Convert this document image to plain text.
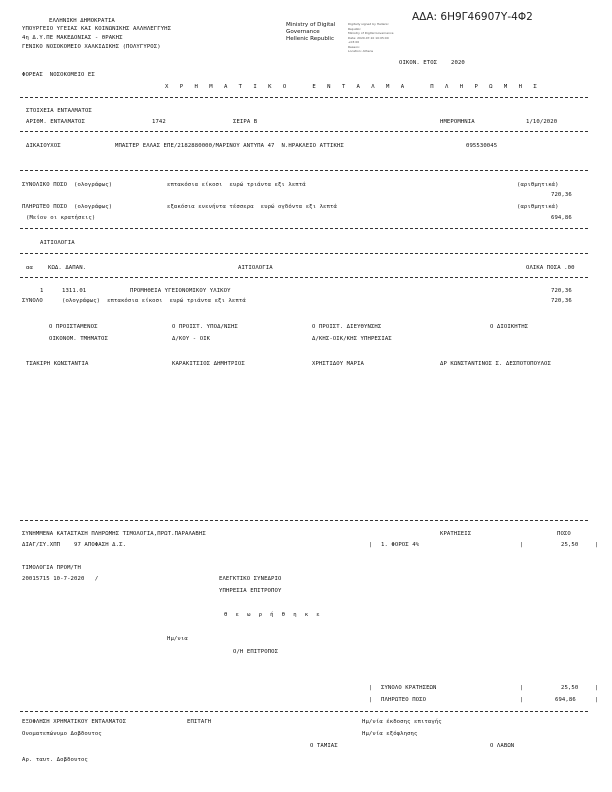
ΑΔΑ: 6Η9Γ46907Υ-4Φ2
ΕΛΛΗΝΙΚΗ ΔΗΜΟΚΡΑΤΙΑ
ΥΠΟΥΡΓΕΙΟ ΥΓΕΙΑΣ ΚΑΙ ΚΟΙΝΩΝΙΚΗΣ ΑΛΛΗΛΕΓΓΥΗΣ
4η Δ.Υ.ΠΕ ΜΑΚΕΔΟΝΙΑΣ - ΘΡΑΚΗΣ
ΓΕΝΙΚΟ ΝΟΣΟΚΟΜΕΙΟ ΧΑΛΚΙΔΙΚΗΣ (ΠΟΛΥΓΥΡΟΣ)
Ministry of Digital
Governance
Hellenic Republic
Digitally signed by Hellenic
Republic
Ministry of Digital Governance
Date: 2020.07.10 10:05:00
+03:00
Reason:
Location: Athens
ΟΙΚΟΝ. ΕΤΟΣ    2020
ΦΟΡΕΑΣ  ΝΟΣΟΚΟΜΕΙΟ ΕΣ
Χ Ρ Η Μ Α Τ Ι Κ Ο   Ε Ν Τ Α Λ Μ Α   Π Λ Η Ρ Ω Μ Η Σ
ΣΤΟΙΧΕΙΑ ΕΝΤΑΛΜΑΤΟΣ
ΑΡΙΘΜ. ΕΝΤΑΛΜΑΤΟΣ	1742	ΣΕΙΡΑ Β	ΗΜΕΡΟΜΗΝΙΑ	1/10/2020
ΔΙΚΑΙΟΥΧΟΣ	ΜΠΑΣΤΕΡ ΕΛΛΑΣ ΕΠΕ/2182880000/ΜΑΡΙΝΟΥ ΑΝΤΥΠΑ 47  Ν.ΗΡΑΚΛΕΙΟ ΑΤΤΙΚΗΣ	095530045
ΣΥΝΟΛΙΚΟ ΠΟΣΟ  (ολογράφως)	επτακόσια είκοσι  ευρώ τριάντα εξι λεπτά	(αριθμητικά)
720,36
ΠΛΗΡΩΤΕΟ ΠΟΣΟ  (ολογράφως)	εξακόσια ενενήντα τέσσερα  ευρώ ογδόντα εξι λεπτά	(αριθμητικά)
(Μείον οι κρατήσεις)	694,86
ΑΙΤΙΟΛΟΓΙΑ
αα	ΚΩΔ. ΔΑΠΑΝ.	ΑΙΤΙΟΛΟΓΙΑ	ΟΛΙΚΑ ΠΟΣΑ .00
1	1311.01	ΠΡΟΜΗΘΕΙΑ ΥΓΕΙΟΝΟΜΙΚΟΥ ΥΛΙΚΟΥ	720,36
ΣΥΝΟΛΟ	(ολογράφως)  επτακόσια είκοσι  ευρώ τριάντα εξι λεπτά	720,36
Ο ΠΡΟΙΣΤΑΜΕΝΟΣ	Ο ΠΡΟΙΣΤ. ΥΠΟΔ/ΝΣΗΣ	Ο ΠΡΟΙΣΤ. ΔΙΕΥΘΥΝΣΗΣ	Ο ΔΙΟΙΚΗΤΗΣ
ΟΙΚΟΝΟΜ. ΤΜΗΜΑΤΟΣ	Δ/ΚΟΥ - ΟΙΚ	Δ/ΚΗΣ-ΟΙΚ/ΚΗΣ ΥΠΗΡΕΣΙΑΣ
ΤΣΑΚΙΡΗ ΚΩΝΣΤΑΝΤΙΑ	ΚΑΡΑΚΙΤΣΙΟΣ ΔΗΜΗΤΡΙΟΣ	ΧΡΗΣΤΙΔΟΥ ΜΑΡΙΑ	ΔΡ ΚΩΝΣΤΑΝΤΙΝΟΣ Σ. ΔΕΣΠΟΤΟΠΟΥΛΟΣ
ΣΥΝΗΜΜΕΝΑ ΚΑΤΑΣΤΑΣΗ ΠΛΗΡΩΜΗΣ ΤΙΜΟΛΟΓΙΑ,ΠΡΩΤ.ΠΑΡΑΛΑΒΗΣ	ΚΡΑΤΗΣΕΙΣ	ΠΟΣΟ
ΔΙΑΓ/ΣΥ.ΧΠΠ    97 ΑΠΟΦΑΣΗ Δ.Σ.	| 1. ΦΟΡΟΣ 4%	|	25,50	|
ΤΙΜΟΛΟΓΙΑ ΠΡΟΜ/ΤΗ
20015715 10-7-2020   /	ΕΛΕΓΚΤΙΚΟ ΣΥΝΕΔΡΙΟ
ΥΠΗΡΕΣΙΑ ΕΠΙΤΡΟΠΟΥ
θ ε ω ρ ή θ η κ ε
Ημ/νια
Ο/Η ΕΠΙΤΡΟΠΟΣ
| ΣΥΝΟΛΟ ΚΡΑΤΗΣΕΩΝ	|	25,50	|
| ΠΛΗΡΩΤΕΟ ΠΟΣΟ	|	694,86	|
ΕΞΟΦΛΗΣΗ ΧΡΗΜΑΤΙΚΟΥ ΕΝΤΑΛΜΑΤΟΣ	ΕΠΙΤΑΓΗ	Ημ/νία έκδοσης επιταγής
Ονοματεπώνυμο Δοβδουτος	Ημ/νία εξόφλησης
Ο ΤΑΜΙΑΣ	Ο ΛΑΒΩΝ
Αρ. ταυτ. Δοβδουτος
